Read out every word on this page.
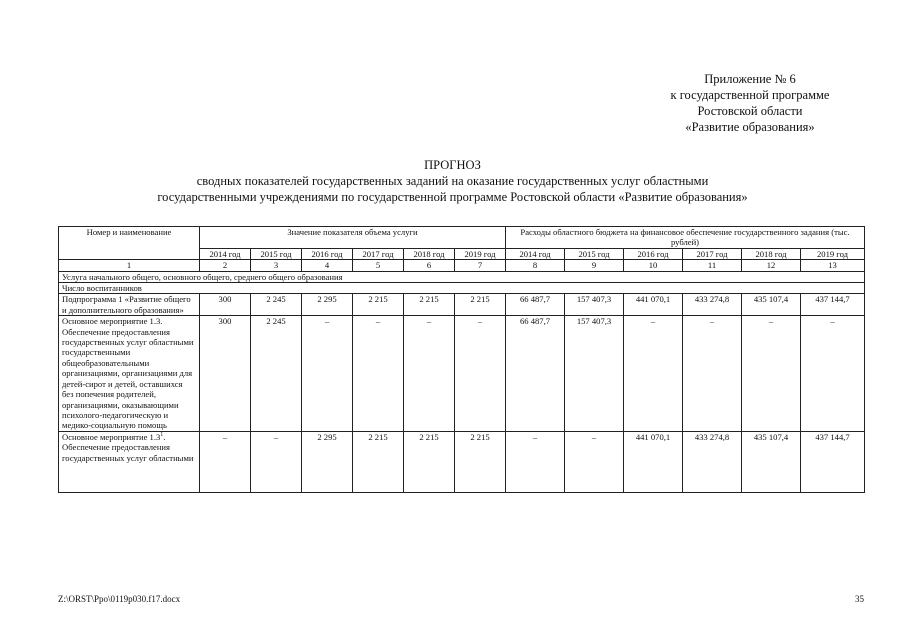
Приложение № 6
к государственной программе
Ростовской области
«Развитие образования»
ПРОГНОЗ
сводных показателей государственных заданий на оказание государственных услуг областными
государственными учреждениями по государственной программе Ростовской области «Развитие образования»
Номер и наименование	Значение показателя объема услуги						Расходы областного бюджета на финансовое обеспечение государственного задания (тыс. рублей)					
	2014 год	2015 год	2016 год	2017 год	2018 год	2019 год	2014 год	2015 год	2016 год	2017 год	2018 год	2019 год
1	2	3	4	5	6	7	8	9	10	11	12	13
Услуга начального общего, основного общего, среднего общего образования												
Число воспитанников												
Подпрограмма 1 «Развитие общего и дополнительного образования»	300	2 245	2 295	2 215	2 215	2 215	66 487,7	157 407,3	441 070,1	433 274,8	435 107,4	437 144,7
Основное мероприятие 1.3. Обеспечение предоставления государственных услуг областными государственными общеобразовательными организациями, организациями для детей-сирот и детей, оставшихся без попечения родителей, организациями, оказывающими психолого-педагогическую и медико-социальную помощь	300	2 245	–	–	–	–	66 487,7	157 407,3	–	–	–	–
Основное мероприятие $1.3^1$. Обеспечение предоставления государственных услуг областными	–	–	2 295	2 215	2 215	2 215	–	–	441 070,1	433 274,8	435 107,4	437 144,7
Z:\ORST\Ppo\0119p030.f17.docx	35
